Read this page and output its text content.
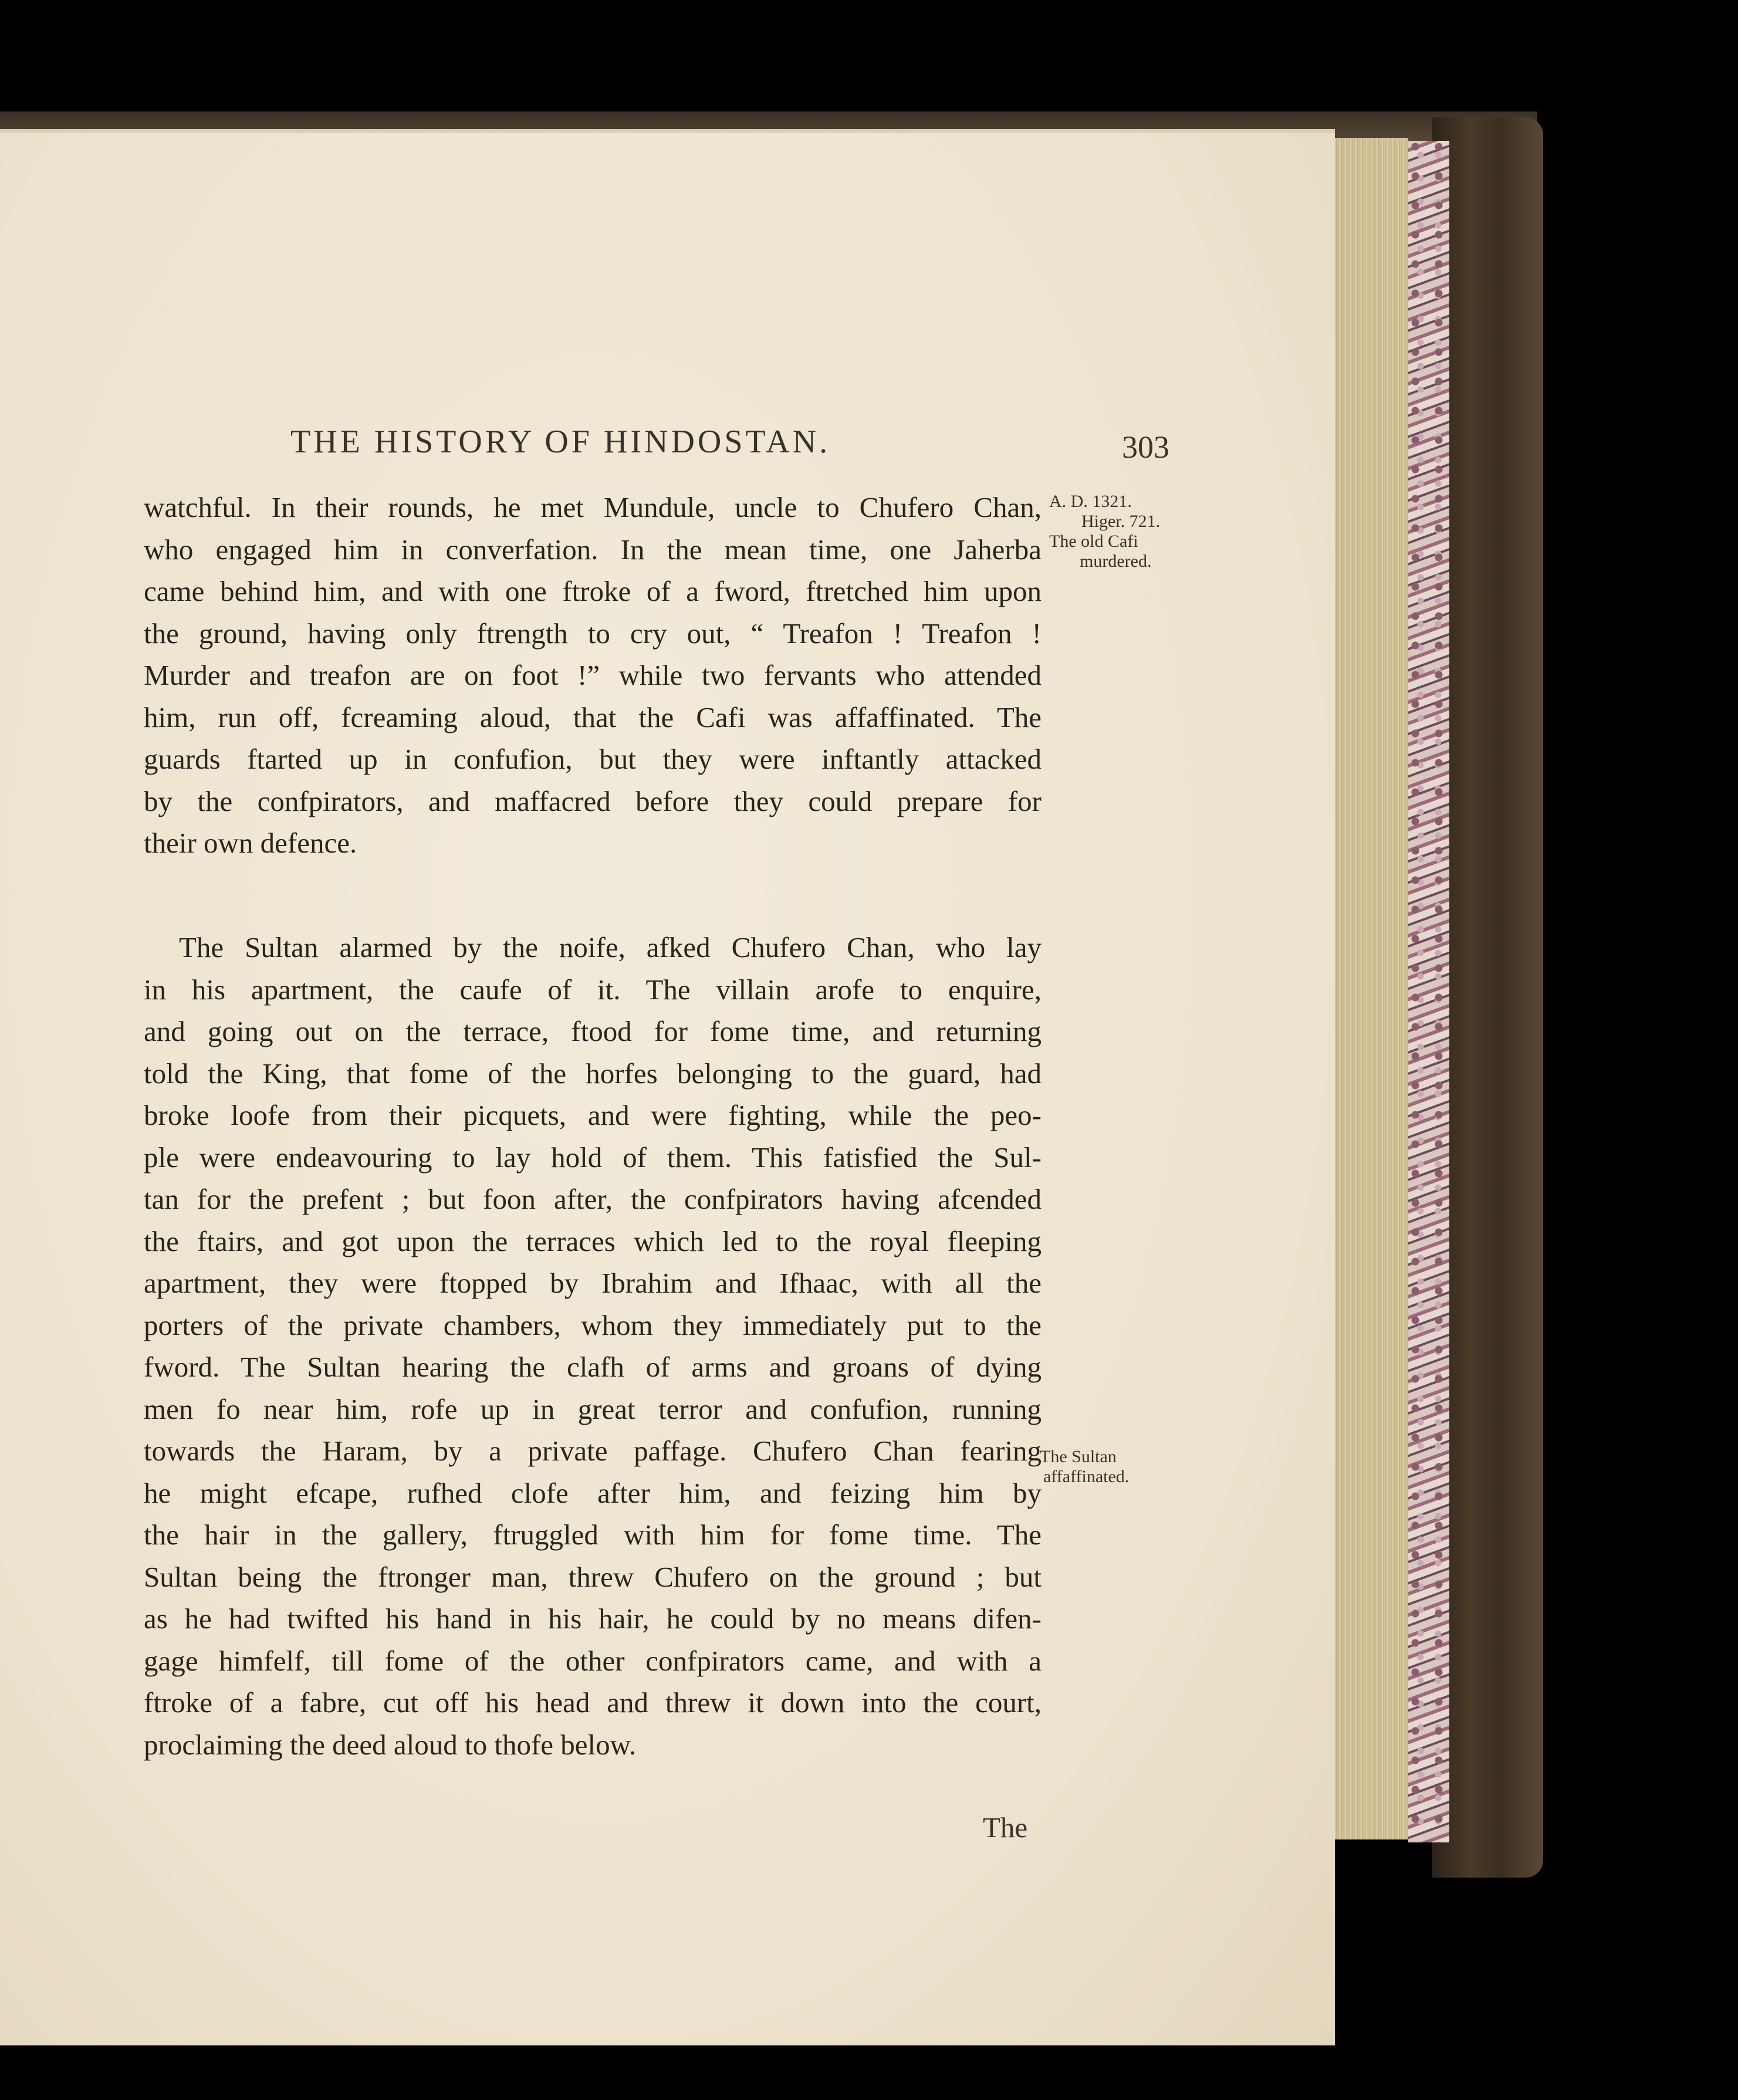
THE HISTORY OF HINDOSTAN.	303
watchful. In their rounds, he met Mundule, uncle to Chufero Chan,
who engaged him in converfation. In the mean time, one Jaherba
came behind him, and with one ftroke of a fword, ftretched him upon
the ground, having only ftrength to cry out, “ Treafon ! Treafon !
Murder and treafon are on foot !” while two fervants who attended
him, run off, fcreaming aloud, that the Cafi was affaffinated. The
guards ftarted up in confufion, but they were inftantly attacked
by the confpirators, and maffacred before they could prepare for
their own defence.
The Sultan alarmed by the noife, afked Chufero Chan, who lay
in his apartment, the caufe of it. The villain arofe to enquire,
and going out on the terrace, ftood for fome time, and returning
told the King, that fome of the horfes belonging to the guard, had
broke loofe from their picquets, and were fighting, while the peo-
ple were endeavouring to lay hold of them. This fatisfied the Sul-
tan for the prefent ; but foon after, the confpirators having afcended
the ftairs, and got upon the terraces which led to the royal fleeping
apartment, they were ftopped by Ibrahim and Ifhaac, with all the
porters of the private chambers, whom they immediately put to the
fword. The Sultan hearing the clafh of arms and groans of dying
men fo near him, rofe up in great terror and confufion, running
towards the Haram, by a private paffage. Chufero Chan fearing
he might efcape, rufhed clofe after him, and feizing him by
the hair in the gallery, ftruggled with him for fome time. The
Sultan being the ftronger man, threw Chufero on the ground ; but
as he had twifted his hand in his hair, he could by no means difen-
gage himfelf, till fome of the other confpirators came, and with a
ftroke of a fabre, cut off his head and threw it down into the court,
proclaiming the deed aloud to thofe below.
A. D. 1321.
Higer. 721.
The old Cafi
murdered.
The Sultan
affaffinated.
The
